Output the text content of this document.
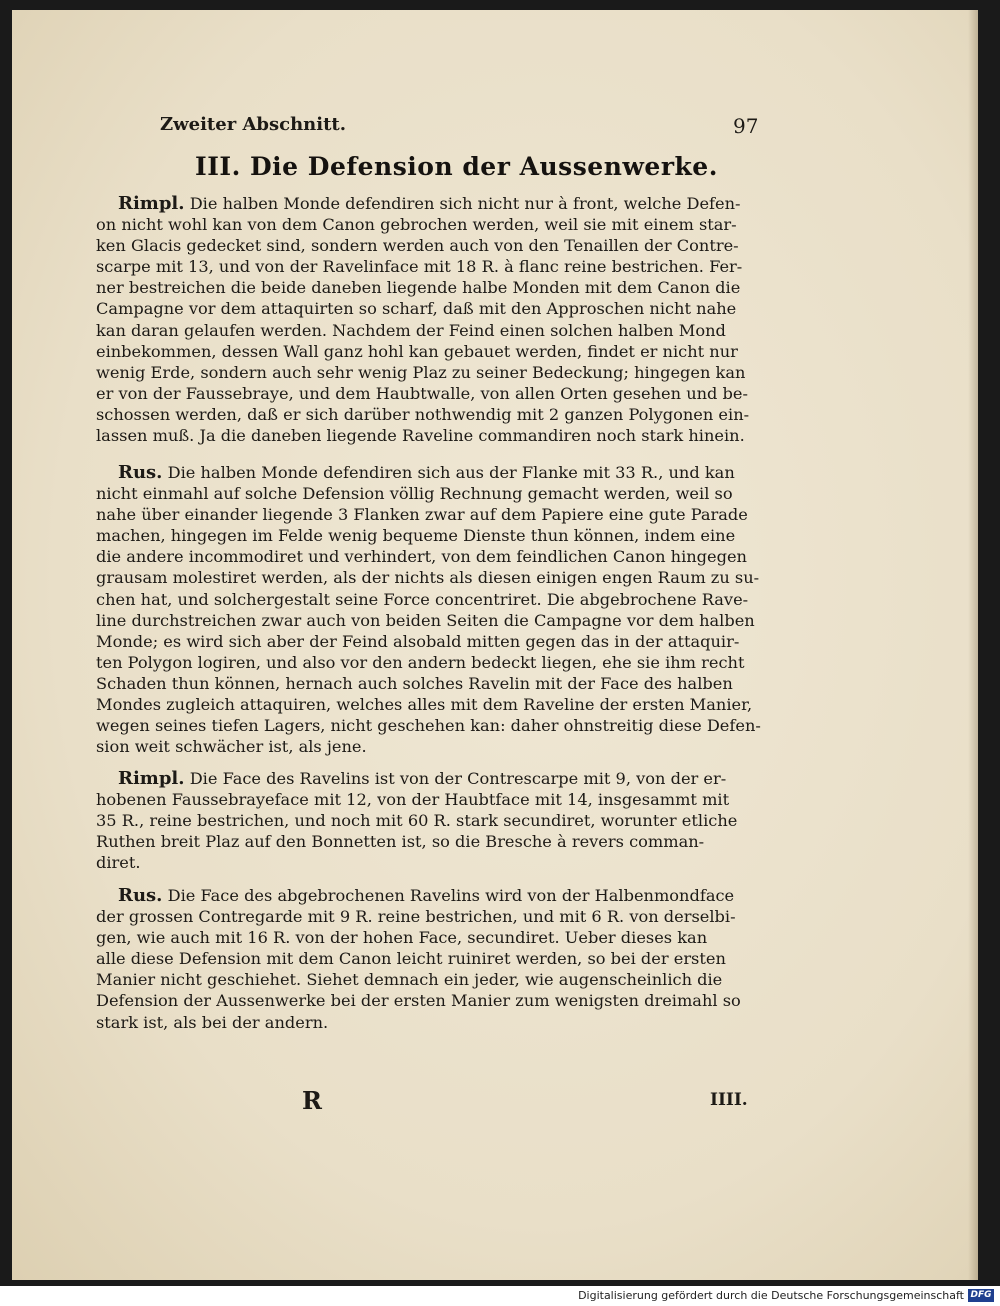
Zweiter Abschnitt.	97
III. Die Defension der Aussenwerke.
Rimpl. Die halben Monde defendiren sich nicht nur à front, welche Defen-
on nicht wohl kan von dem Canon gebrochen werden, weil sie mit einem star-
ken Glacis gedecket sind, sondern werden auch von den Tenaillen der Contre-
scarpe mit 13, und von der Ravelinface mit 18 R. à flanc reine bestrichen. Fer-
ner bestreichen die beide daneben liegende halbe Monden mit dem Canon die
Campagne vor dem attaquirten so scharf, daß mit den Approschen nicht nahe
kan daran gelaufen werden. Nachdem der Feind einen solchen halben Mond
einbekommen, dessen Wall ganz hohl kan gebauet werden, findet er nicht nur
wenig Erde, sondern auch sehr wenig Plaz zu seiner Bedeckung; hingegen kan
er von der Faussebraye, und dem Haubtwalle, von allen Orten gesehen und be-
schossen werden, daß er sich darüber nothwendig mit 2 ganzen Polygonen ein-
lassen muß. Ja die daneben liegende Raveline commandiren noch stark hinein.
Rus. Die halben Monde defendiren sich aus der Flanke mit 33 R., und kan
nicht einmahl auf solche Defension völlig Rechnung gemacht werden, weil so
nahe über einander liegende 3 Flanken zwar auf dem Papiere eine gute Parade
machen, hingegen im Felde wenig bequeme Dienste thun können, indem eine
die andere incommodiret und verhindert, von dem feindlichen Canon hingegen
grausam molestiret werden, als der nichts als diesen einigen engen Raum zu su-
chen hat, und solchergestalt seine Force concentriret. Die abgebrochene Rave-
line durchstreichen zwar auch von beiden Seiten die Campagne vor dem halben
Monde; es wird sich aber der Feind alsobald mitten gegen das in der attaquir-
ten Polygon logiren, und also vor den andern bedeckt liegen, ehe sie ihm recht
Schaden thun können, hernach auch solches Ravelin mit der Face des halben
Mondes zugleich attaquiren, welches alles mit dem Raveline der ersten Manier,
wegen seines tiefen Lagers, nicht geschehen kan: daher ohnstreitig diese Defen-
sion weit schwächer ist, als jene.
Rimpl. Die Face des Ravelins ist von der Contrescarpe mit 9, von der er-
hobenen Faussebrayeface mit 12, von der Haubtface mit 14, insgesammt mit
35 R., reine bestrichen, und noch mit 60 R. stark secundiret, worunter etliche
Ruthen breit Plaz auf den Bonnetten ist, so die Bresche à revers comman-
diret.
Rus. Die Face des abgebrochenen Ravelins wird von der Halbenmondface
der grossen Contregarde mit 9 R. reine bestrichen, und mit 6 R. von derselbi-
gen, wie auch mit 16 R. von der hohen Face, secundiret. Ueber dieses kan
alle diese Defension mit dem Canon leicht ruiniret werden, so bei der ersten
Manier nicht geschiehet. Siehet demnach ein jeder, wie augenscheinlich die
Defension der Aussenwerke bei der ersten Manier zum wenigsten dreimahl so
stark ist, als bei der andern.
R	IIII.
Digitalisierung gefördert durch die Deutsche Forschungsgemeinschaft DFG
